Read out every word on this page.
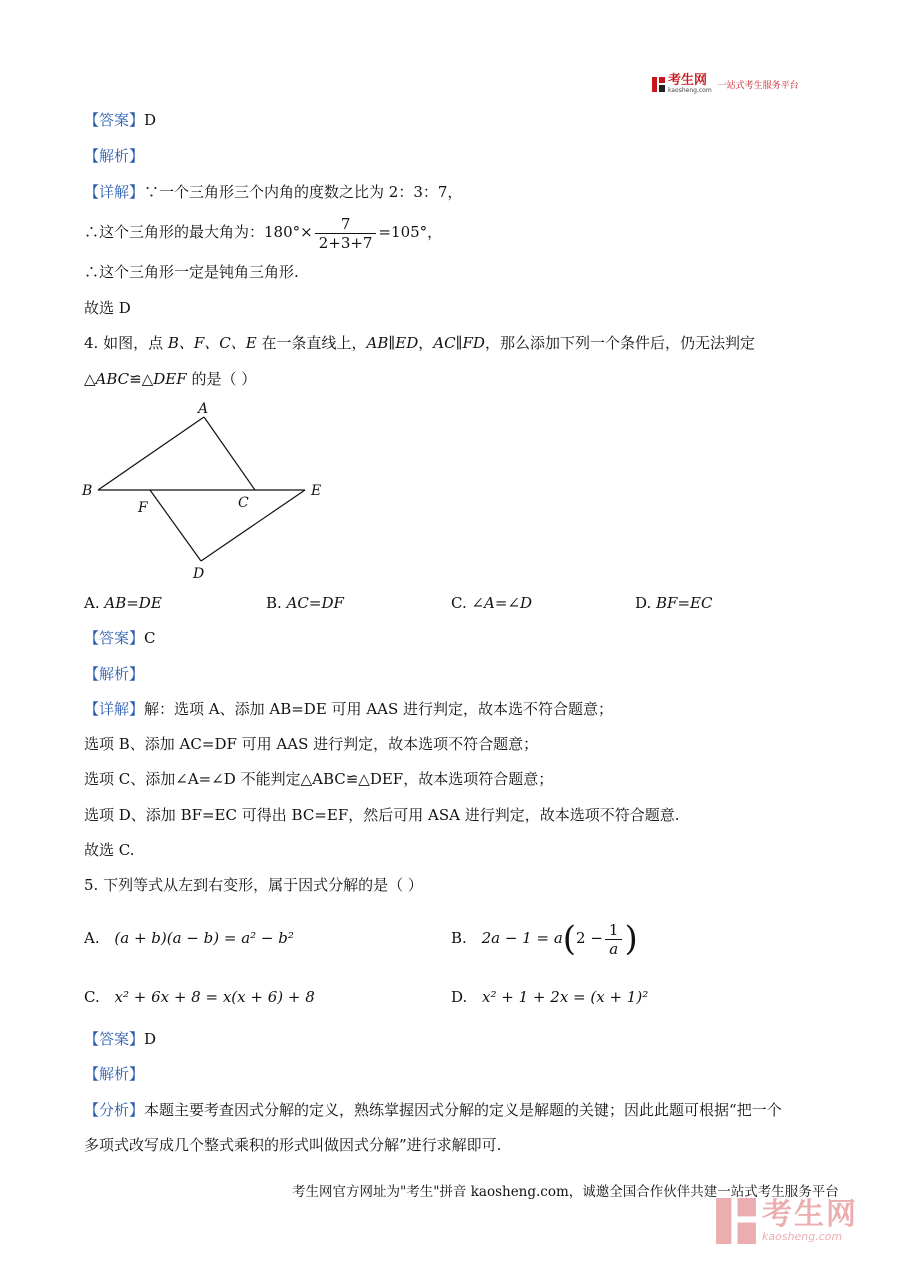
考生网
kaosheng.com 一站式考生服务平台
【答案】D
【解析】
【详解】∵一个三角形三个内角的度数之比为 2：3：7，
∴这个三角形的最大角为：$180^\circ\times \frac{7}{2+3+7} =105^\circ$，
∴这个三角形一定是钝角三角形.
故选 D
4. 如图，点 B、F、C、E 在一条直线上，AB∥ED，AC∥FD，那么添加下列一个条件后，仍无法判定
△ABC≌△DEF 的是（ ）
A
B
C
D
E
F
A. AB=DE	B. AC=DF	C. ∠A=∠D	D. BF=EC
【答案】C
【解析】
【详解】解：选项 A、添加 AB=DE 可用 AAS 进行判定，故本选不符合题意；
选项 B、添加 AC=DF 可用 AAS 进行判定，故本选项不符合题意；
选项 C、添加∠A=∠D 不能判定△ABC≌△DEF，故本选项符合题意；
选项 D、添加 BF=EC 可得出 BC=EF，然后可用 ASA 进行判定，故本选项不符合题意.
故选 C.
5. 下列等式从左到右变形，属于因式分解的是（ ）
A. (a + b)(a − b) = a² − b²	B. $2a - 1 = a(2 - \frac{1}{a}$ )
C. x² + 6x + 8 = x(x + 6) + 8	D. x² + 1 + 2x = (x + 1)²
【答案】D
【解析】
【分析】本题主要考查因式分解的定义，熟练掌握因式分解的定义是解题的关键；因此此题可根据“把一个
多项式改写成几个整式乘积的形式叫做因式分解”进行求解即可.
考生网官方网址为"考生"拼音 kaosheng.com，诚邀全国合作伙伴共建一站式考生服务平台
考生网
kaosheng.com
